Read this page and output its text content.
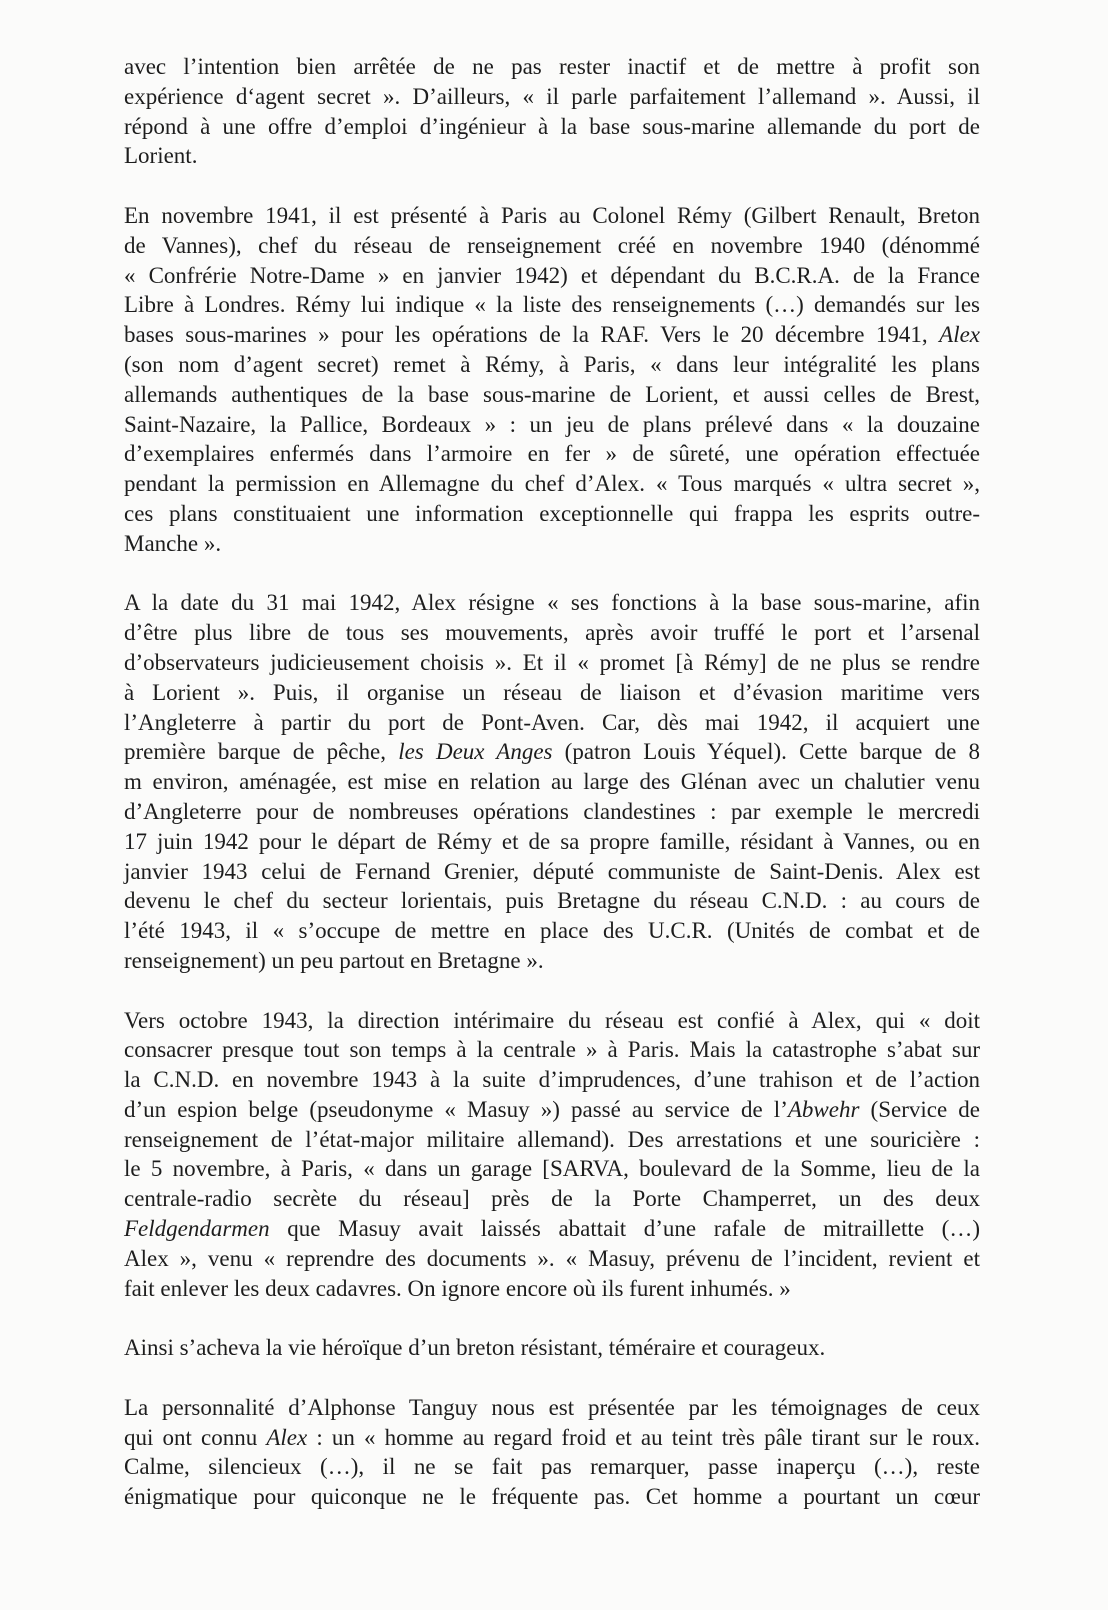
avec l’intention bien arrêtée de ne pas rester inactif et de mettre à profit son
expérience d‘agent secret ». D’ailleurs, « il parle parfaitement l’allemand ». Aussi, il
répond à une offre d’emploi d’ingénieur à la base sous-marine allemande du port de
Lorient.

En novembre 1941, il est présenté à Paris au Colonel Rémy (Gilbert Renault, Breton
de Vannes), chef du réseau de renseignement créé en novembre 1940 (dénommé
« Confrérie Notre-Dame » en janvier 1942) et dépendant du B.C.R.A. de la France
Libre à Londres. Rémy lui indique « la liste des renseignements (…) demandés sur les
bases sous-marines » pour les opérations de la RAF. Vers le 20 décembre 1941, Alex
(son nom d’agent secret) remet à Rémy, à Paris, « dans leur intégralité les plans
allemands authentiques de la base sous-marine de Lorient, et aussi celles de Brest,
Saint-Nazaire, la Pallice, Bordeaux » : un jeu de plans prélevé dans « la douzaine
d’exemplaires enfermés dans l’armoire en fer » de sûreté, une opération effectuée
pendant la permission en Allemagne du chef d’Alex. « Tous marqués « ultra secret »,
ces plans constituaient une information exceptionnelle qui frappa les esprits outre-
Manche ».

A la date du 31 mai 1942, Alex résigne « ses fonctions à la base sous-marine, afin
d’être plus libre de tous ses mouvements, après avoir truffé le port et l’arsenal
d’observateurs judicieusement choisis ». Et il « promet [à Rémy] de ne plus se rendre
à Lorient ». Puis, il organise un réseau de liaison et d’évasion maritime vers
l’Angleterre à partir du port de Pont-Aven. Car, dès mai 1942, il acquiert une
première barque de pêche, les Deux Anges (patron Louis Yéquel). Cette barque de 8
m environ, aménagée, est mise en relation au large des Glénan avec un chalutier venu
d’Angleterre pour de nombreuses opérations clandestines : par exemple le mercredi
17 juin 1942 pour le départ de Rémy et de sa propre famille, résidant à Vannes, ou en
janvier 1943 celui de Fernand Grenier, député communiste de Saint-Denis. Alex est
devenu le chef du secteur lorientais, puis Bretagne du réseau C.N.D. : au cours de
l’été 1943, il « s’occupe de mettre en place des U.C.R. (Unités de combat et de
renseignement) un peu partout en Bretagne ».

Vers octobre 1943, la direction intérimaire du réseau est confié à Alex, qui « doit
consacrer presque tout son temps à la centrale » à Paris. Mais la catastrophe s’abat sur
la C.N.D. en novembre 1943 à la suite d’imprudences, d’une trahison et de l’action
d’un espion belge (pseudonyme « Masuy ») passé au service de l’Abwehr (Service de
renseignement de l’état-major militaire allemand). Des arrestations et une souricière :
le 5 novembre, à Paris, « dans un garage [SARVA, boulevard de la Somme, lieu de la
centrale-radio secrète du réseau] près de la Porte Champerret, un des deux
Feldgendarmen que Masuy avait laissés abattait d’une rafale de mitraillette (…)
Alex », venu « reprendre des documents ». « Masuy, prévenu de l’incident, revient et
fait enlever les deux cadavres. On ignore encore où ils furent inhumés. »

Ainsi s’acheva la vie héroïque d’un breton résistant, téméraire et courageux.

La personnalité d’Alphonse Tanguy nous est présentée par les témoignages de ceux
qui ont connu Alex : un « homme au regard froid et au teint très pâle tirant sur le roux.
Calme, silencieux (…), il ne se fait pas remarquer, passe inaperçu (…), reste
énigmatique pour quiconque ne le fréquente pas. Cet homme a pourtant un cœur
